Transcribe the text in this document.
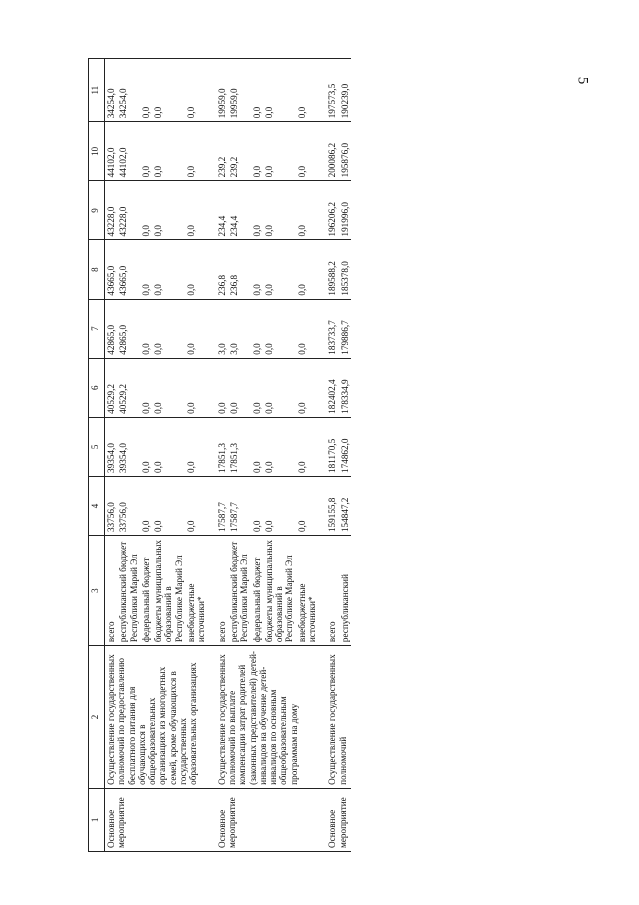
5
1	2	3	4	5	6	7	8	9	10	11
Основное мероприятие	Осуществление государственных полномочий по предоставлению бесплатного питания для обучающихся в общеобразовательных организациях из многодетных семей, кроме обучающихся в государственных образовательных организациях	всего	33756,0	39354,0	40529,2	42865,0	43665,0	43228,0	44102,0	34254,0
		республиканский бюджет Республики Марий Эл	33756,0	39354,0	40529,2	42865,0	43665,0	43228,0	44102,0	34254,0
		федеральный бюджет	0,0	0,0	0,0	0,0	0,0	0,0	0,0	0,0
		бюджеты муниципальных образований в Республике Марий Эл	0,0	0,0	0,0	0,0	0,0	0,0	0,0	0,0
		внебюджетные источники*	0,0	0,0	0,0	0,0	0,0	0,0	0,0	0,0

Основное мероприятие	Осуществление государственных полномочий по выплате компенсации затрат родителей (законных представителей) детей-инвалидов на обучение детей-инвалидов по основным общеобразовательным программам на дому	всего	17587,7	17851,3	0,0	3,0	236,8	234,4	239,2	19959,0
		республиканский бюджет Республики Марий Эл	17587,7	17851,3	0,0	3,0	236,8	234,4	239,2	19959,0
		федеральный бюджет	0,0	0,0	0,0	0,0	0,0	0,0	0,0	0,0
		бюджеты муниципальных образований в Республике Марий Эл	0,0	0,0	0,0	0,0	0,0	0,0	0,0	0,0
		внебюджетные источники*	0,0	0,0	0,0	0,0	0,0	0,0	0,0	0,0

Основное мероприятие	Осуществление государственных полномочий	всего	159155,8	181170,5	182402,4	183733,7	189588,2	196206,2	200086,2	197573,5
		республиканский	154847,2	174862,0	178334,9	179886,7	185378,0	191996,0	195876,0	190239,0
